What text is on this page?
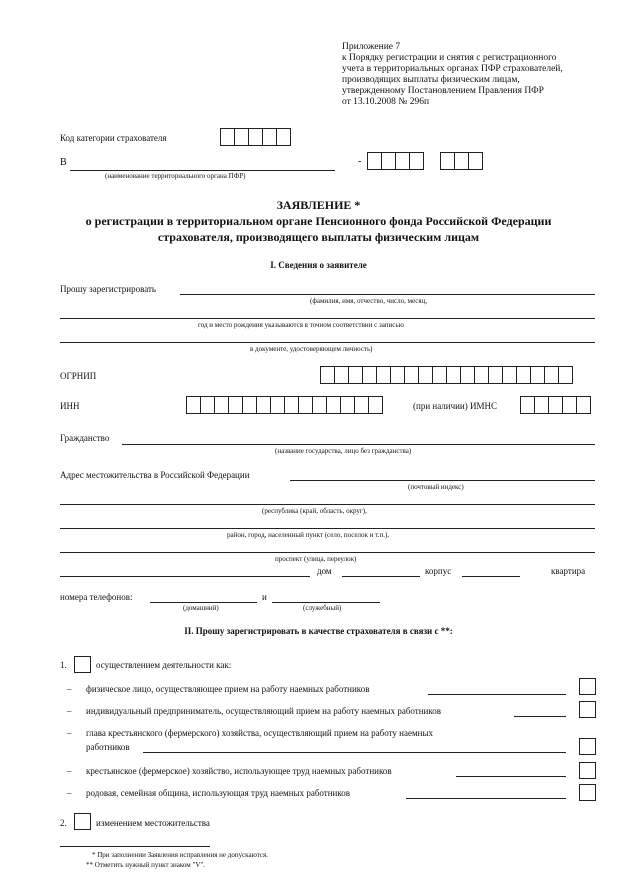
Приложение 7
к Порядку регистрации и снятия с регистрационного
учета в территориальных органах ПФР страхователей,
производящих выплаты физическим лицам,
утвержденному Постановлением Правления ПФР
от 13.10.2008 № 296п
Код категории страхователя
В
(наименование территориального органа ПФР)
-
ЗАЯВЛЕНИЕ *
о регистрации в территориальном органе Пенсионного фонда Российской Федерации
страхователя, производящего выплаты физическим лицам
I. Сведения о заявителе
Прошу зарегистрировать
(фамилия, имя, отчество, число, месяц,
год и место рождения указываются в точном соответствии с записью
в документе, удостоверяющем личность)
ОГРНИП
ИНН	(при наличии) ИМНС
Гражданство
(название государства, лицо без гражданства)
Адрес местожительства в Российской Федерации
(почтовый индекс)
(республика (край, область, округ),
район, город, населенный пункт (село, поселок и т.п.),
проспект (улица, переулок)
дом	корпус	квартира
номера телефонов:
(домашний)
и
(служебный)
II. Прошу зарегистрировать в качестве страхователя в связи с **:
1.	осуществлением деятельности как:
– физическое лицо, осуществляющее прием на работу наемных работников
– индивидуальный предприниматель, осуществляющий прием на работу наемных работников
– глава крестьянского (фермерского) хозяйства, осуществляющий прием на работу наемных
работников
– крестьянское (фермерское) хозяйство, использующее труд наемных работников
– родовая, семейная община, использующая труд наемных работников
2.	изменением местожительства
* При заполнении Заявления исправления не допускаются.
** Отметить нужный пункт знаком "V".
